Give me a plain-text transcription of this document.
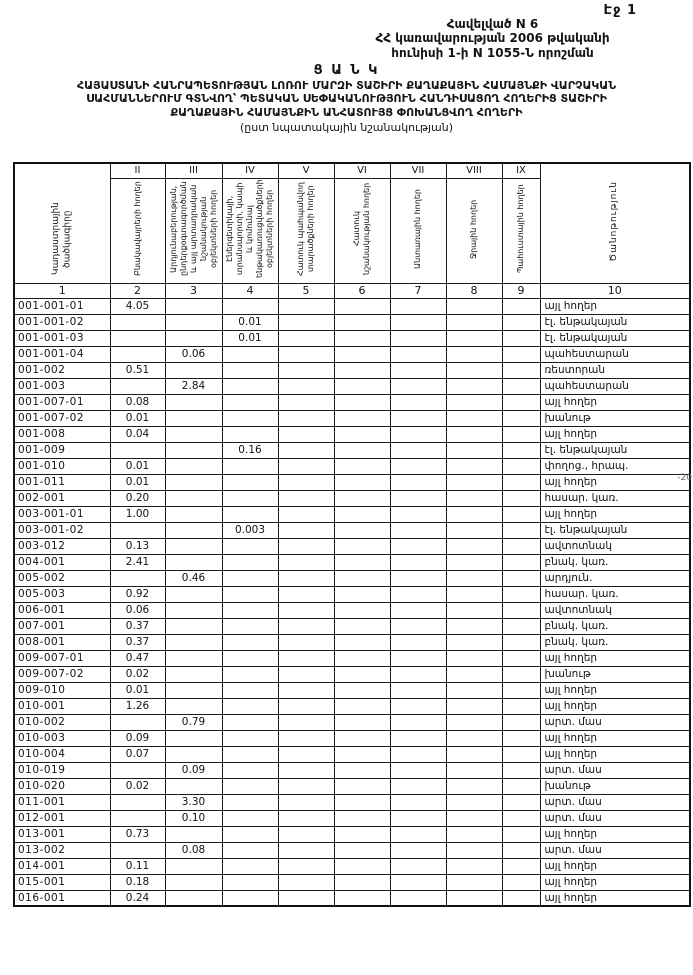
Էջ 1
Հավելված N 6
ՀՀ կառավարության 2006 թվականի
հունիսի 1-ի N 1055-Ն որոշման
Ց Ա Ն Կ
ՀԱՅԱՍՏԱՆԻ ՀԱՆՐԱՊԵՏՈՒԹՅԱՆ ԼՈՌՈՒ ՄԱՐԶԻ ՏԱՇԻՐԻ ՔԱՂԱՔԱՅԻՆ ՀԱՄԱՅՆՔԻ ՎԱՐՉԱԿԱՆ
ՍԱՀՄԱՆՆԵՐՈՒՄ ԳՏՆՎՈՂ՝ ՊԵՏԱԿԱՆ ՍԵՓԱԿԱՆՈՒԹՅՈՒՆ ՀԱՆԴԻՍԱՑՈՂ ՀՈՂԵՐԻՑ ՏԱՇԻՐԻ
ՔԱՂԱՔԱՅԻՆ ՀԱՄԱՅՆՔԻՆ ԱՆՀԱՏՈՒՅՑ ՓՈԽԱՆՑՎՈՂ ՀՈՂԵՐԻ
(ըստ նպատակային նշանակության)
Կադաստրային ծածկագիրը	II	III	IV	V	VI	VII	VIII	IX	Ծանոթություն
	Բնակավայրերի հողեր	Արդյունաբերության, ընդերքօգտագործման և այլ արտադրական նշանակության օբյեկտների հողեր	Էներգետիկայի, տրանսպորտի, կապի և կոմունալ ենթակառուցվածքների օբյեկտների հողեր	Հատուկ պահպանվող տարածքների հողեր	Հատուկ նշանակության հողեր	Անտառային հողեր	Ջրային հողեր	Պահուստային հողեր	
1	2	3	4	5	6	7	8	9	10
001-001-01	4.05								այլ հողեր
001-001-02			0.01						էլ. ենթակայան
001-001-03			0.01						էլ. ենթակայան
001-001-04		0.06							պահեստարան
001-002	0.51								ռեստորան
001-003		2.84							պահեստարան
001-007-01	0.08								այլ հողեր
001-007-02	0.01								խանութ
001-008	0.04								այլ հողեր
001-009			0.16						էլ. ենթակայան
001-010	0.01								փողոց., հրապ.
001-011	0.01								այլ հողեր
002-001	0.20								հասար. կառ.
003-001-01	1.00								այլ հողեր
003-001-02			0.003						էլ. ենթակայան
003-012	0.13								ավտոտնակ
004-001	2.41								բնակ. կառ.
005-002		0.46							արդյուն.
005-003	0.92								հասար. կառ.
006-001	0.06								ավտոտնակ
007-001	0.37								բնակ. կառ.
008-001	0.37								բնակ. կառ.
009-007-01	0.47								այլ հողեր
009-007-02	0.02								խանութ
009-010	0.01								այլ հողեր
010-001	1.26								այլ հողեր
010-002		0.79							արտ. մաս
010-003	0.09								այլ հողեր
010-004	0.07								այլ հողեր
010-019		0.09							արտ. մաս
010-020	0.02								խանութ
011-001		3.30							արտ. մաս
012-001		0.10							արտ. մաս
013-001	0.73								այլ հողեր
013-002		0.08							արտ. մաս
014-001	0.11								այլ հողեր
015-001	0.18								այլ հողեր
016-001	0.24								այլ հողեր
-20
